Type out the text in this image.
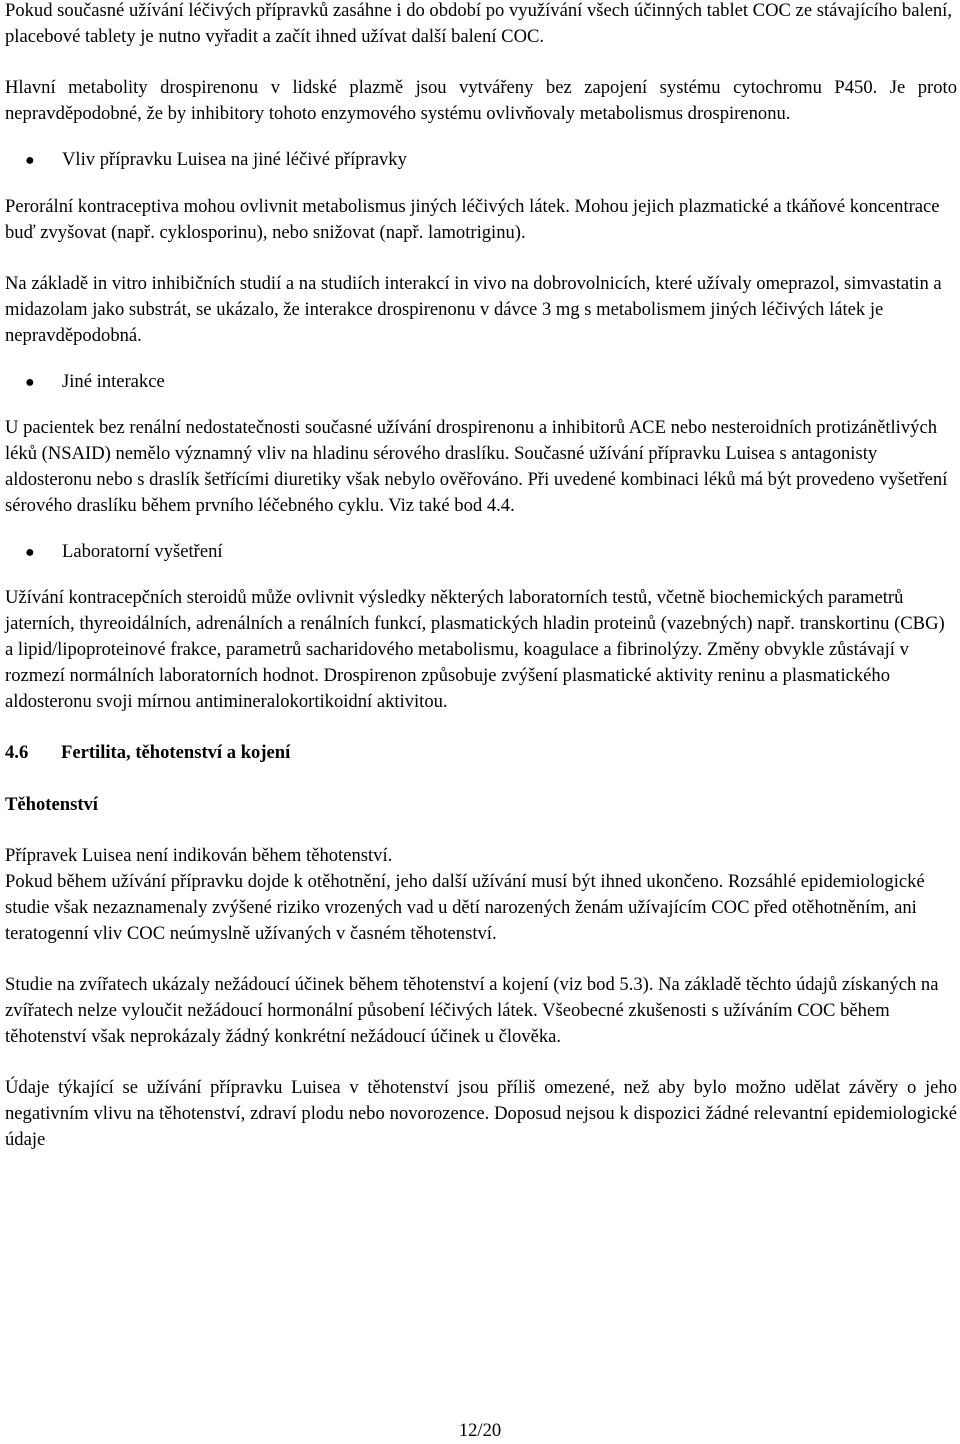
Pokud současné užívání léčivých přípravků zasáhne i do období po využívání všech účinných tablet COC ze stávajícího balení, placebové tablety je nutno vyřadit a začít ihned užívat další balení COC.

Hlavní metabolity drospirenonu v lidské plazmě jsou vytvářeny bez zapojení systému cytochromu P450. Je proto nepravděpodobné, že by inhibitory tohoto enzymového systému ovlivňovaly metabolismus drospirenonu.

●	Vliv přípravku Luisea na jiné léčivé přípravky

Perorální kontraceptiva mohou ovlivnit metabolismus jiných léčivých látek. Mohou jejich plazmatické a tkáňové koncentrace buď zvyšovat (např. cyklosporinu), nebo snižovat (např. lamotriginu).

Na základě in vitro inhibičních studií a na studiích interakcí in vivo na dobrovolnicích, které užívaly omeprazol, simvastatin a midazolam jako substrát, se ukázalo, že interakce drospirenonu v dávce 3 mg s metabolismem jiných léčivých látek je nepravděpodobná.

●	Jiné interakce

U pacientek bez renální nedostatečnosti současné užívání drospirenonu a inhibitorů ACE nebo nesteroidních protizánětlivých léků (NSAID) nemělo významný vliv na hladinu sérového draslíku. Současné užívání přípravku Luisea s antagonisty aldosteronu nebo s draslík šetřícími diuretiky však nebylo ověřováno. Při uvedené kombinaci léků má být provedeno vyšetření sérového draslíku během prvního léčebného cyklu. Viz také bod 4.4.

●	Laboratorní vyšetření

Užívání kontracepčních steroidů může ovlivnit výsledky některých laboratorních testů, včetně biochemických parametrů jaterních, thyreoidálních, adrenálních a renálních funkcí, plasmatických hladin proteinů (vazebných) např. transkortinu (CBG) a lipid/lipoproteinové frakce, parametrů sacharidového metabolismu, koagulace a fibrinolýzy. Změny obvykle zůstávají v rozmezí normálních laboratorních hodnot. Drospirenon způsobuje zvýšení plasmatické aktivity reninu a plasmatického aldosteronu svoji mírnou antimineralokortikoidní aktivitou.

4.6 Fertilita, těhotenství a kojení

Těhotenství

Přípravek Luisea není indikován během těhotenství.

Pokud během užívání přípravku dojde k otěhotnění, jeho další užívání musí být ihned ukončeno. Rozsáhlé epidemiologické studie však nezaznamenaly zvýšené riziko vrozených vad u dětí narozených ženám užívajícím COC před otěhotněním, ani teratogenní vliv COC neúmyslně užívaných v časném těhotenství.

Studie na zvířatech ukázaly nežádoucí účinek během těhotenství a kojení (viz bod 5.3). Na základě těchto údajů získaných na zvířatech nelze vyloučit nežádoucí hormonální působení léčivých látek. Všeobecné zkušenosti s užíváním COC během těhotenství však neprokázaly žádný konkrétní nežádoucí účinek u člověka.

Údaje týkající se užívání přípravku Luisea v těhotenství jsou příliš omezené, než aby bylo možno udělat závěry o jeho negativním vlivu na těhotenství, zdraví plodu nebo novorozence. Doposud nejsou k dispozici žádné relevantní epidemiologické údaje

12/20
